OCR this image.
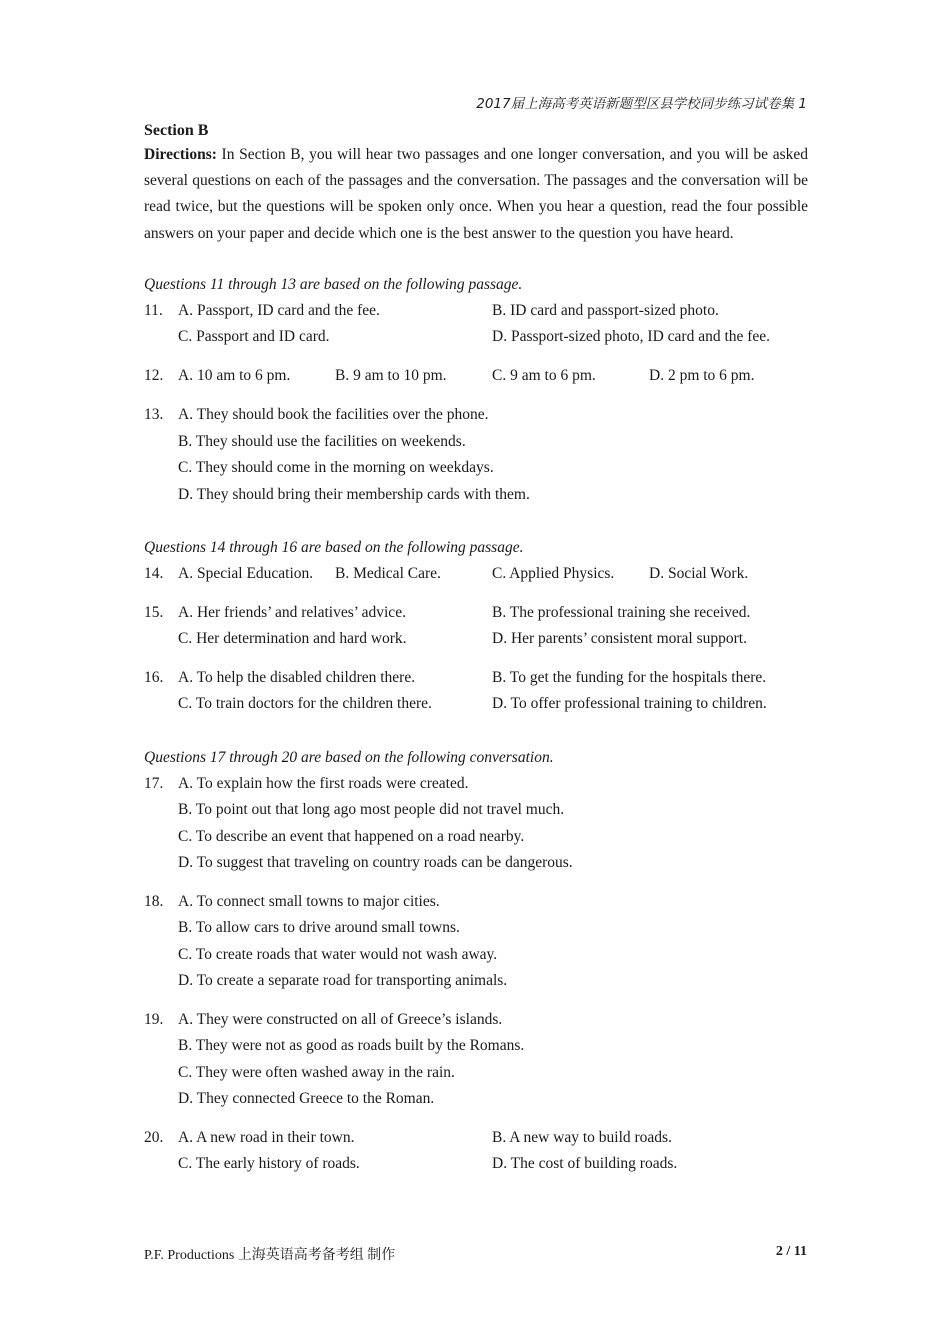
2017届上海高考英语新题型区县学校同步练习试卷集 1

Section B

Directions: In Section B, you will hear two passages and one longer conversation, and you will be asked several questions on each of the passages and the conversation. The passages and the conversation will be read twice, but the questions will be spoken only once. When you hear a question, read the four possible answers on your paper and decide which one is the best answer to the question you have heard.

Questions 11 through 13 are based on the following passage.

11. A. Passport, ID card and the fee.	B. ID card and passport-sized photo.
C. Passport and ID card.	D. Passport-sized photo, ID card and the fee.
12. A. 10 am to 6 pm.	B. 9 am to 10 pm.	C. 9 am to 6 pm.	D. 2 pm to 6 pm.
13. A. They should book the facilities over the phone.
B. They should use the facilities on weekends.
C. They should come in the morning on weekdays.
D. They should bring their membership cards with them.

Questions 14 through 16 are based on the following passage.

14. A. Special Education.	B. Medical Care.	C. Applied Physics.	D. Social Work.
15. A. Her friends’ and relatives’ advice.	B. The professional training she received.
C. Her determination and hard work.	D. Her parents’ consistent moral support.
16. A. To help the disabled children there.	B. To get the funding for the hospitals there.
C. To train doctors for the children there.	D. To offer professional training to children.

Questions 17 through 20 are based on the following conversation.

17. A. To explain how the first roads were created.
B. To point out that long ago most people did not travel much.
C. To describe an event that happened on a road nearby.
D. To suggest that traveling on country roads can be dangerous.
18. A. To connect small towns to major cities.
B. To allow cars to drive around small towns.
C. To create roads that water would not wash away.
D. To create a separate road for transporting animals.
19. A. They were constructed on all of Greece’s islands.
B. They were not as good as roads built by the Romans.
C. They were often washed away in the rain.
D. They connected Greece to the Roman.
20. A. A new road in their town.	B. A new way to build roads.
C. The early history of roads.	D. The cost of building roads.
P.F. Productions 上海英语高考备考组 制作	2 / 11
